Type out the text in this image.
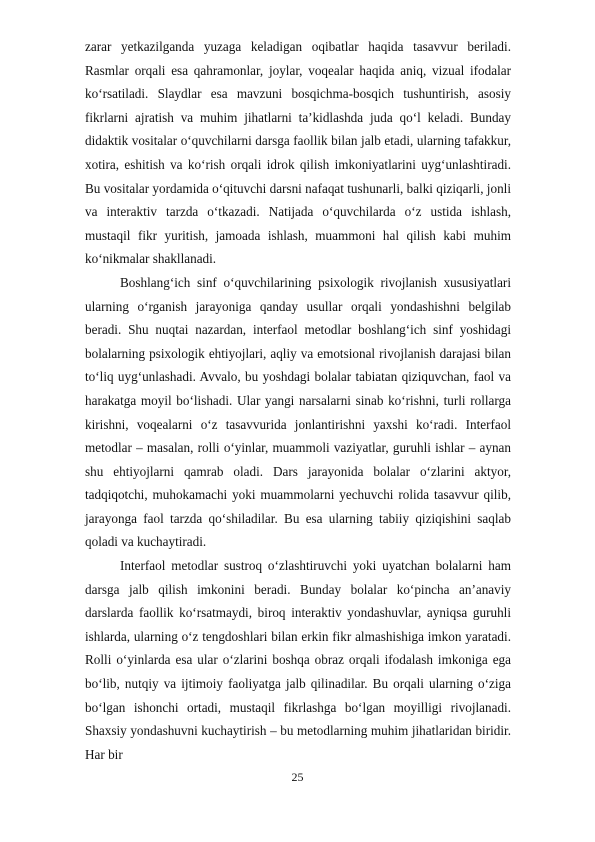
zarar yetkazilganda yuzaga keladigan oqibatlar haqida tasavvur beriladi. Rasmlar orqali esa qahramonlar, joylar, voqealar haqida aniq, vizual ifodalar ko‘rsatiladi. Slaydlar esa mavzuni bosqichma-bosqich tushuntirish, asosiy fikrlarni ajratish va muhim jihatlarni ta’kidlashda juda qo‘l keladi. Bunday didaktik vositalar o‘quvchilarni darsga faollik bilan jalb etadi, ularning tafakkur, xotira, eshitish va ko‘rish orqali idrok qilish imkoniyatlarini uyg‘unlashtiradi. Bu vositalar yordamida o‘qituvchi darsni nafaqat tushunarli, balki qiziqarli, jonli va interaktiv tarzda o‘tkazadi. Natijada o‘quvchilarda o‘z ustida ishlash, mustaqil fikr yuritish, jamoada ishlash, muammoni hal qilish kabi muhim ko‘nikmalar shakllanadi.

Boshlang‘ich sinf o‘quvchilarining psixologik rivojlanish xususiyatlari ularning o‘rganish jarayoniga qanday usullar orqali yondashishni belgilab beradi. Shu nuqtai nazardan, interfaol metodlar boshlang‘ich sinf yoshidagi bolalarning psixologik ehtiyojlari, aqliy va emotsional rivojlanish darajasi bilan to‘liq uyg‘unlashadi. Avvalo, bu yoshdagi bolalar tabiatan qiziquvchan, faol va harakatga moyil bo‘lishadi. Ular yangi narsalarni sinab ko‘rishni, turli rollarga kirishni, voqealarni o‘z tasavvurida jonlantirishni yaxshi ko‘radi. Interfaol metodlar – masalan, rolli o‘yinlar, muammoli vaziyatlar, guruhli ishlar – aynan shu ehtiyojlarni qamrab oladi. Dars jarayonida bolalar o‘zlarini aktyor, tadqiqotchi, muhokamachi yoki muammolarni yechuvchi rolida tasavvur qilib, jarayonga faol tarzda qo‘shiladilar. Bu esa ularning tabiiy qiziqishini saqlab qoladi va kuchaytiradi.

Interfaol metodlar sustroq o‘zlashtiruvchi yoki uyatchan bolalarni ham darsga jalb qilish imkonini beradi. Bunday bolalar ko‘pincha an’anaviy darslarda faollik ko‘rsatmaydi, biroq interaktiv yondashuvlar, ayniqsa guruhli ishlarda, ularning o‘z tengdoshlari bilan erkin fikr almashishiga imkon yaratadi. Rolli o‘yinlarda esa ular o‘zlarini boshqa obraz orqali ifodalash imkoniga ega bo‘lib, nutqiy va ijtimoiy faoliyatga jalb qilinadilar. Bu orqali ularning o‘ziga bo‘lgan ishonchi ortadi, mustaqil fikrlashga bo‘lgan moyilligi rivojlanadi. Shaxsiy yondashuvni kuchaytirish – bu metodlarning muhim jihatlaridan biridir. Har bir

25
